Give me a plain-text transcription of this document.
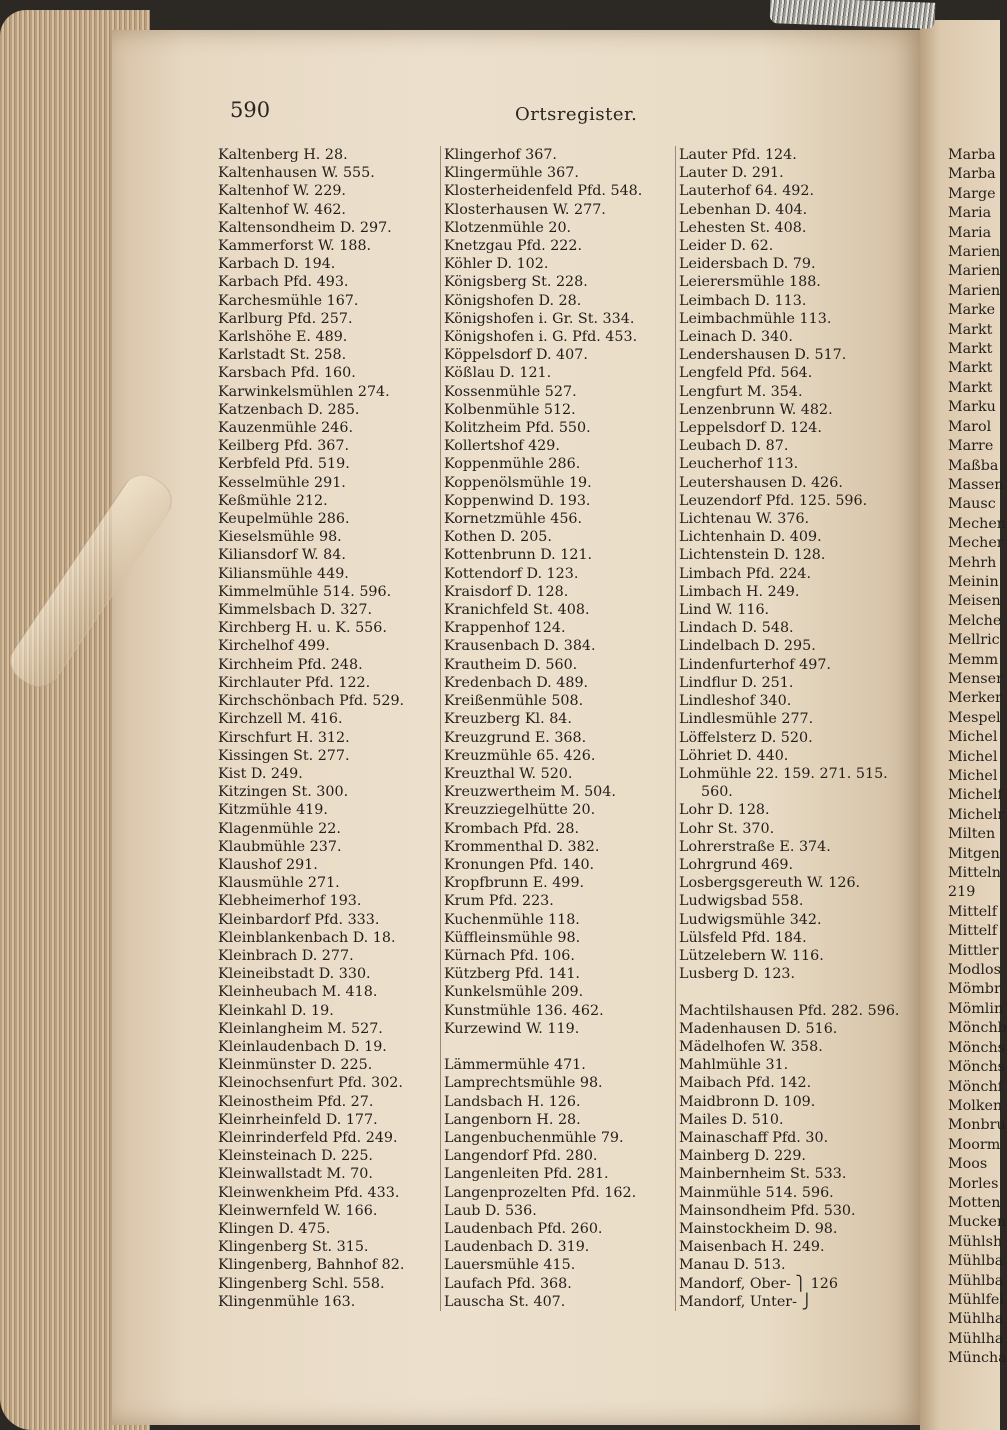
590	Ortsregister.
Kaltenberg H. 28.
Kaltenhausen W. 555.
Kaltenhof W. 229.
Kaltenhof W. 462.
Kaltensondheim D. 297.
Kammerforst W. 188.
Karbach D. 194.
Karbach Pfd. 493.
Karchesmühle 167.
Karlburg Pfd. 257.
Karlshöhe E. 489.
Karlstadt St. 258.
Karsbach Pfd. 160.
Karwinkelsmühlen 274.
Katzenbach D. 285.
Kauzenmühle 246.
Keilberg Pfd. 367.
Kerbfeld Pfd. 519.
Kesselmühle 291.
Keßmühle 212.
Keupelmühle 286.
Kieselsmühle 98.
Kiliansdorf W. 84.
Kiliansmühle 449.
Kimmelmühle 514. 596.
Kimmelsbach D. 327.
Kirchberg H. u. K. 556.
Kirchelhof 499.
Kirchheim Pfd. 248.
Kirchlauter Pfd. 122.
Kirchschönbach Pfd. 529.
Kirchzell M. 416.
Kirschfurt H. 312.
Kissingen St. 277.
Kist D. 249.
Kitzingen St. 300.
Kitzmühle 419.
Klagenmühle 22.
Klaubmühle 237.
Klaushof 291.
Klausmühle 271.
Klebheimerhof 193.
Kleinbardorf Pfd. 333.
Kleinblankenbach D. 18.
Kleinbrach D. 277.
Kleineibstadt D. 330.
Kleinheubach M. 418.
Kleinkahl D. 19.
Kleinlangheim M. 527.
Kleinlaudenbach D. 19.
Kleinmünster D. 225.
Kleinochsenfurt Pfd. 302.
Kleinostheim Pfd. 27.
Kleinrheinfeld D. 177.
Kleinrinderfeld Pfd. 249.
Kleinsteinach D. 225.
Kleinwallstadt M. 70.
Kleinwenkheim Pfd. 433.
Kleinwernfeld W. 166.
Klingen D. 475.
Klingenberg St. 315.
Klingenberg, Bahnhof 82.
Klingenberg Schl. 558.
Klingenmühle 163.
Klingerhof 367.
Klingermühle 367.
Klosterheidenfeld Pfd. 548.
Klosterhausen W. 277.
Klotzenmühle 20.
Knetzgau Pfd. 222.
Köhler D. 102.
Königsberg St. 228.
Königshofen D. 28.
Königshofen i. Gr. St. 334.
Königshofen i. G. Pfd. 453.
Köppelsdorf D. 407.
Kößlau D. 121.
Kossenmühle 527.
Kolbenmühle 512.
Kolitzheim Pfd. 550.
Kollertshof 429.
Koppenmühle 286.
Koppenölsmühle 19.
Koppenwind D. 193.
Kornetzmühle 456.
Kothen D. 205.
Kottenbrunn D. 121.
Kottendorf D. 123.
Kraisdorf D. 128.
Kranichfeld St. 408.
Krappenhof 124.
Krausenbach D. 384.
Krautheim D. 560.
Kredenbach D. 489.
Kreißenmühle 508.
Kreuzberg Kl. 84.
Kreuzgrund E. 368.
Kreuzmühle 65. 426.
Kreuzthal W. 520.
Kreuzwertheim M. 504.
Kreuzziegelhütte 20.
Krombach Pfd. 28.
Krommenthal D. 382.
Kronungen Pfd. 140.
Kropfbrunn E. 499.
Krum Pfd. 223.
Kuchenmühle 118.
Küffleinsmühle 98.
Kürnach Pfd. 106.
Kützberg Pfd. 141.
Kunkelsmühle 209.
Kunstmühle 136. 462.
Kurzewind W. 119.
Lämmermühle 471.
Lamprechtsmühle 98.
Landsbach H. 126.
Langenborn H. 28.
Langenbuchenmühle 79.
Langendorf Pfd. 280.
Langenleiten Pfd. 281.
Langenprozelten Pfd. 162.
Laub D. 536.
Laudenbach Pfd. 260.
Laudenbach D. 319.
Lauersmühle 415.
Laufach Pfd. 368.
Lauscha St. 407.
Lauter Pfd. 124.
Lauter D. 291.
Lauterhof 64. 492.
Lebenhan D. 404.
Lehesten St. 408.
Leider D. 62.
Leidersbach D. 79.
Leierersmühle 188.
Leimbach D. 113.
Leimbachmühle 113.
Leinach D. 340.
Lendershausen D. 517.
Lengfeld Pfd. 564.
Lengfurt M. 354.
Lenzenbrunn W. 482.
Leppelsdorf D. 124.
Leubach D. 87.
Leucherhof 113.
Leutershausen D. 426.
Leuzendorf Pfd. 125. 596.
Lichtenau W. 376.
Lichtenhain D. 409.
Lichtenstein D. 128.
Limbach Pfd. 224.
Limbach H. 249.
Lind W. 116.
Lindach D. 548.
Lindelbach D. 295.
Lindenfurterhof 497.
Lindflur D. 251.
Lindleshof 340.
Lindlesmühle 277.
Löffelsterz D. 520.
Löhriet D. 440.
Lohmühle 22. 159. 271. 515.
560.
Lohr D. 128.
Lohr St. 370.
Lohrerstraße E. 374.
Lohrgrund 469.
Losbergsgereuth W. 126.
Ludwigsbad 558.
Ludwigsmühle 342.
Lülsfeld Pfd. 184.
Lützelebern W. 116.
Lusberg D. 123.
Machtilshausen Pfd. 282. 596.
Madenhausen D. 516.
Mädelhofen W. 358.
Mahlmühle 31.
Maibach Pfd. 142.
Maidbronn D. 109.
Mailes D. 510.
Mainaschaff Pfd. 30.
Mainberg D. 229.
Mainbernheim St. 533.
Mainmühle 514. 596.
Mainsondheim Pfd. 530.
Mainstockheim D. 98.
Maisenbach H. 249.
Manau D. 513.
Mandorf, Ober- ⎫ 126
Mandorf, Unter- ⎭
Marba
Marba
Marge
Maria
Maria
Marien
Marien
Marien
Marke
Markt
Markt
Markt
Markt
Marku
Marol
Marre
Maßba
Massen
Mausc
Mechen
Mecher
Mehrh
Meinin
Meisen
Melche
Mellric
Memm
Menser
Merker
Mespel
Michel
Michel
Michel
Michelf
Michelr
Milten
Mitgen
Mitteln
219
Mittelf
Mittelf
Mittler
Modlos
Mömbr
Mömlin
Mönchb
Mönchs
Mönchs
Mönchf
Molken
Monbru
Moorm
Moos
Morles
Motten
Mucken
Mühlsh
Mühlba
Mühlba
Mühlfel
Mühlha
Mühlha
Müncha
